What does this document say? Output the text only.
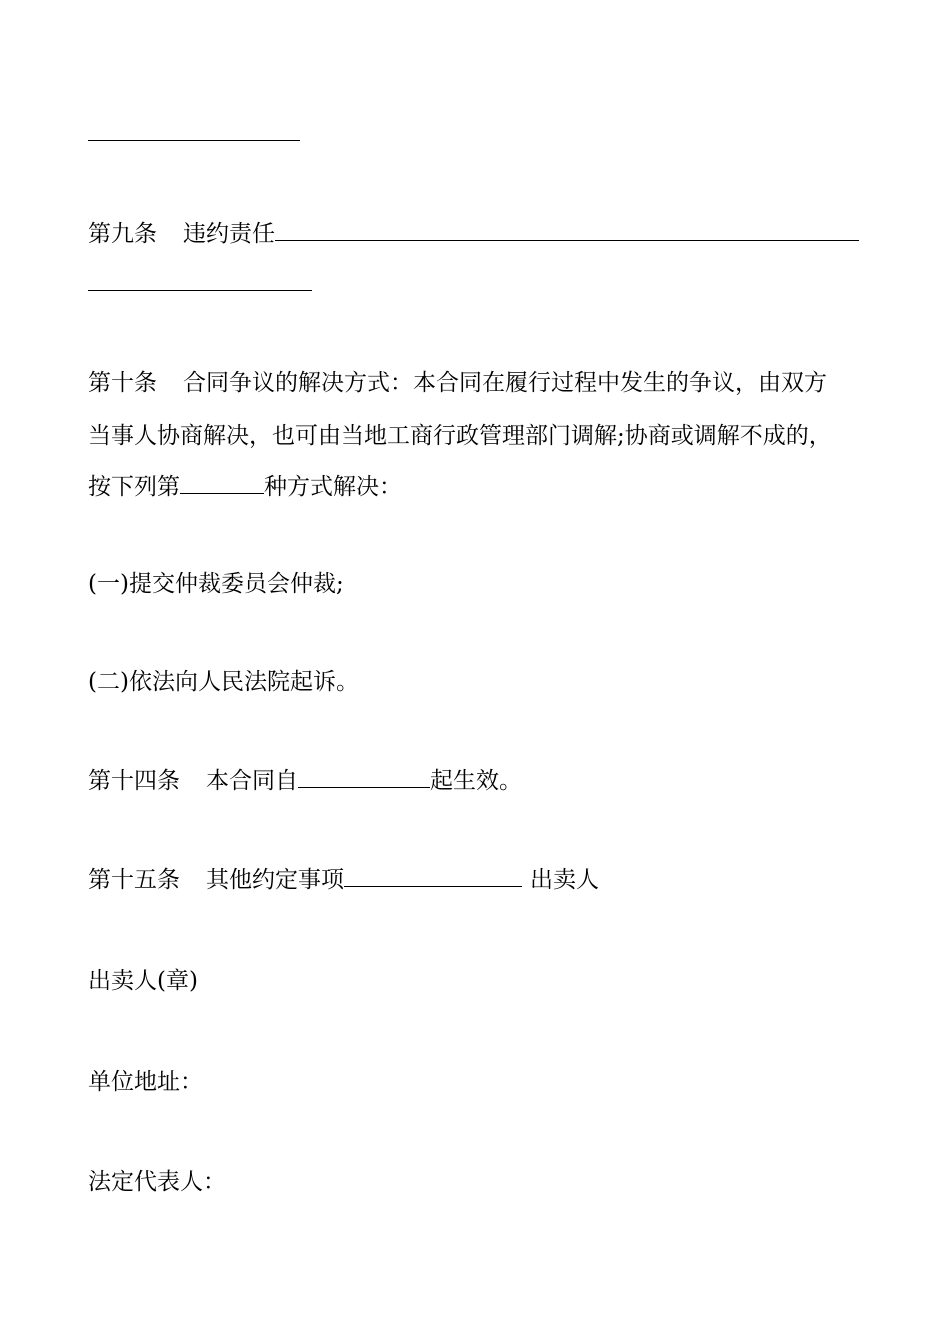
第九条 违约责任
第十条 合同争议的解决方式：本合同在履行过程中发生的争议，由双方
当事人协商解决，也可由当地工商行政管理部门调解;协商或调解不成的，
按下列第	种方式解决：
(一)提交仲裁委员会仲裁;
(二)依法向人民法院起诉。
第十四条 本合同自	起生效。
第十五条 其他约定事项	出卖人
出卖人(章)
单位地址：
法定代表人：
